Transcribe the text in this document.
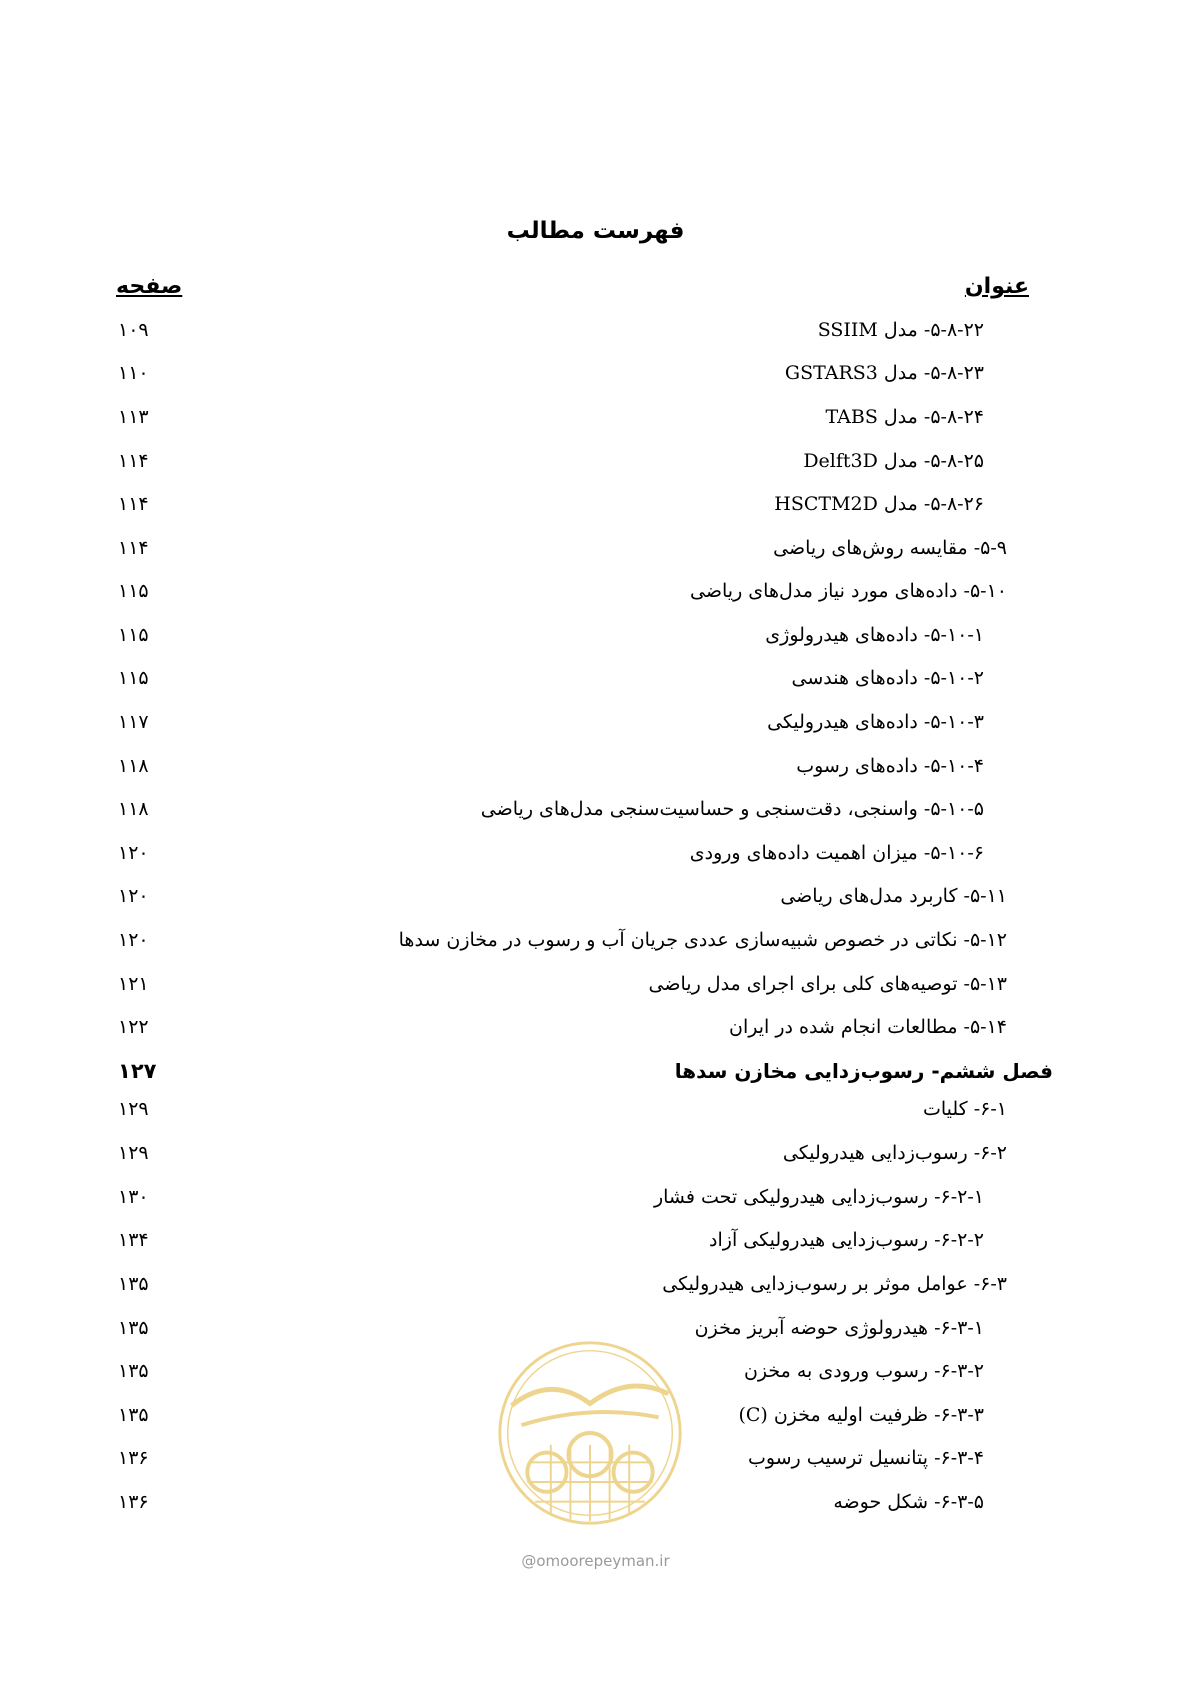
فهرست مطالب
عنوان
صفحه
۵-۸-۲۲- مدل SSIIM
۱۰۹
۵-۸-۲۳- مدل GSTARS3
۱۱۰
۵-۸-۲۴- مدل TABS
۱۱۳
۵-۸-۲۵- مدل Delft3D
۱۱۴
۵-۸-۲۶- مدل HSCTM2D
۱۱۴
۵-۹- مقایسه روش‌های ریاضی
۱۱۴
۵-۱۰- داده‌های مورد نیاز مدل‌های ریاضی
۱۱۵
۵-۱۰-۱- داده‌های هیدرولوژی
۱۱۵
۵-۱۰-۲- داده‌های هندسی
۱۱۵
۵-۱۰-۳- داده‌های هیدرولیکی
۱۱۷
۵-۱۰-۴- داده‌های رسوب
۱۱۸
۵-۱۰-۵- واسنجی، دقت‌سنجی و حساسیت‌سنجی مدل‌های ریاضی
۱۱۸
۵-۱۰-۶- میزان اهمیت داده‌های ورودی
۱۲۰
۵-۱۱- کاربرد مدل‌های ریاضی
۱۲۰
۵-۱۲- نکاتی در خصوص شبیه‌سازی عددی جریان آب و رسوب در مخازن سدها
۱۲۰
۵-۱۳- توصیه‌های کلی برای اجرای مدل ریاضی
۱۲۱
۵-۱۴- مطالعات انجام شده در ایران
۱۲۲
فصل ششم- رسوب‌زدایی مخازن سدها
۱۲۷
۶-۱- کلیات
۱۲۹
۶-۲- رسوب‌زدایی هیدرولیکی
۱۲۹
۶-۲-۱- رسوب‌زدایی هیدرولیکی تحت فشار
۱۳۰
۶-۲-۲- رسوب‌زدایی هیدرولیکی آزاد
۱۳۴
۶-۳- عوامل موثر بر رسوب‌زدایی هیدرولیکی
۱۳۵
۶-۳-۱- هیدرولوژی حوضه آبریز مخزن
۱۳۵
۶-۳-۲- رسوب ورودی به مخزن
۱۳۵
۶-۳-۳- ظرفیت اولیه مخزن (C)
۱۳۵
۶-۳-۴- پتانسیل ترسیب رسوب
۱۳۶
۶-۳-۵- شکل حوضه
۱۳۶
@omoorepeyman.ir
